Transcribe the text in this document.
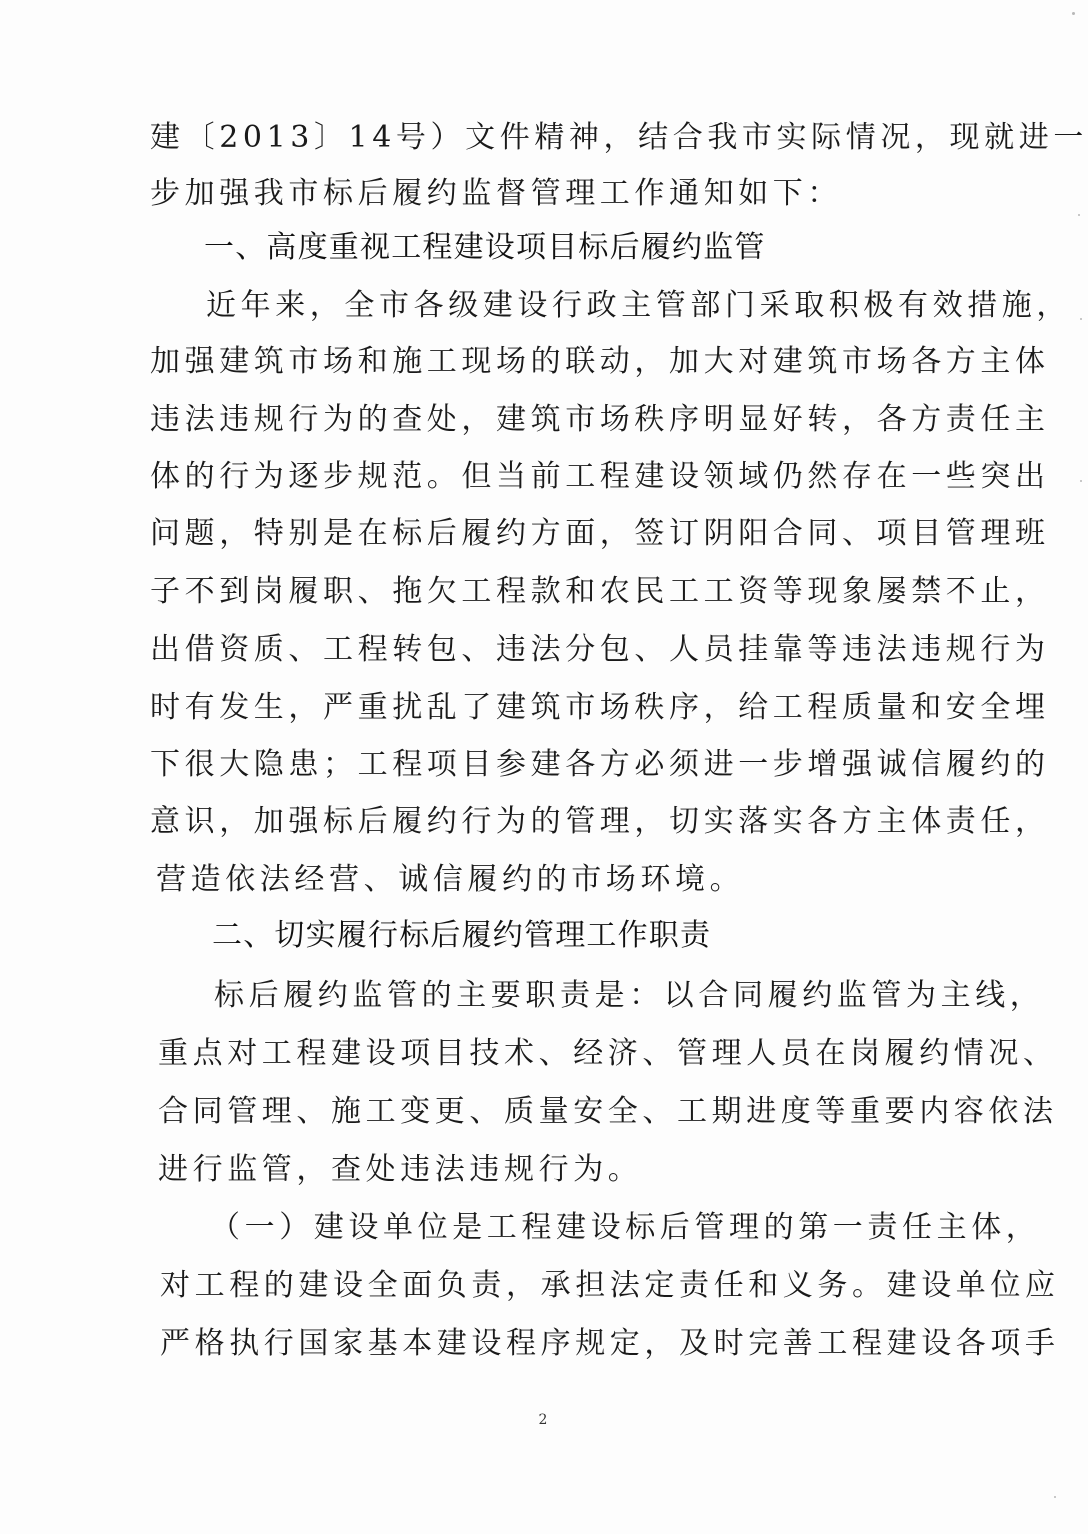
建〔2013〕14号）文件精神，结合我市实际情况，现就进一
步加强我市标后履约监督管理工作通知如下：
一、高度重视工程建设项目标后履约监管
近年来，全市各级建设行政主管部门采取积极有效措施，
加强建筑市场和施工现场的联动，加大对建筑市场各方主体
违法违规行为的查处，建筑市场秩序明显好转，各方责任主
体的行为逐步规范。但当前工程建设领域仍然存在一些突出
问题，特别是在标后履约方面，签订阴阳合同、项目管理班
子不到岗履职、拖欠工程款和农民工工资等现象屡禁不止，
出借资质、工程转包、违法分包、人员挂靠等违法违规行为
时有发生，严重扰乱了建筑市场秩序，给工程质量和安全埋
下很大隐患；工程项目参建各方必须进一步增强诚信履约的
意识，加强标后履约行为的管理，切实落实各方主体责任，
营造依法经营、诚信履约的市场环境。
二、切实履行标后履约管理工作职责
标后履约监管的主要职责是：以合同履约监管为主线，
重点对工程建设项目技术、经济、管理人员在岗履约情况、
合同管理、施工变更、质量安全、工期进度等重要内容依法
进行监管，查处违法违规行为。
（一）建设单位是工程建设标后管理的第一责任主体，
对工程的建设全面负责，承担法定责任和义务。建设单位应
严格执行国家基本建设程序规定，及时完善工程建设各项手
2
